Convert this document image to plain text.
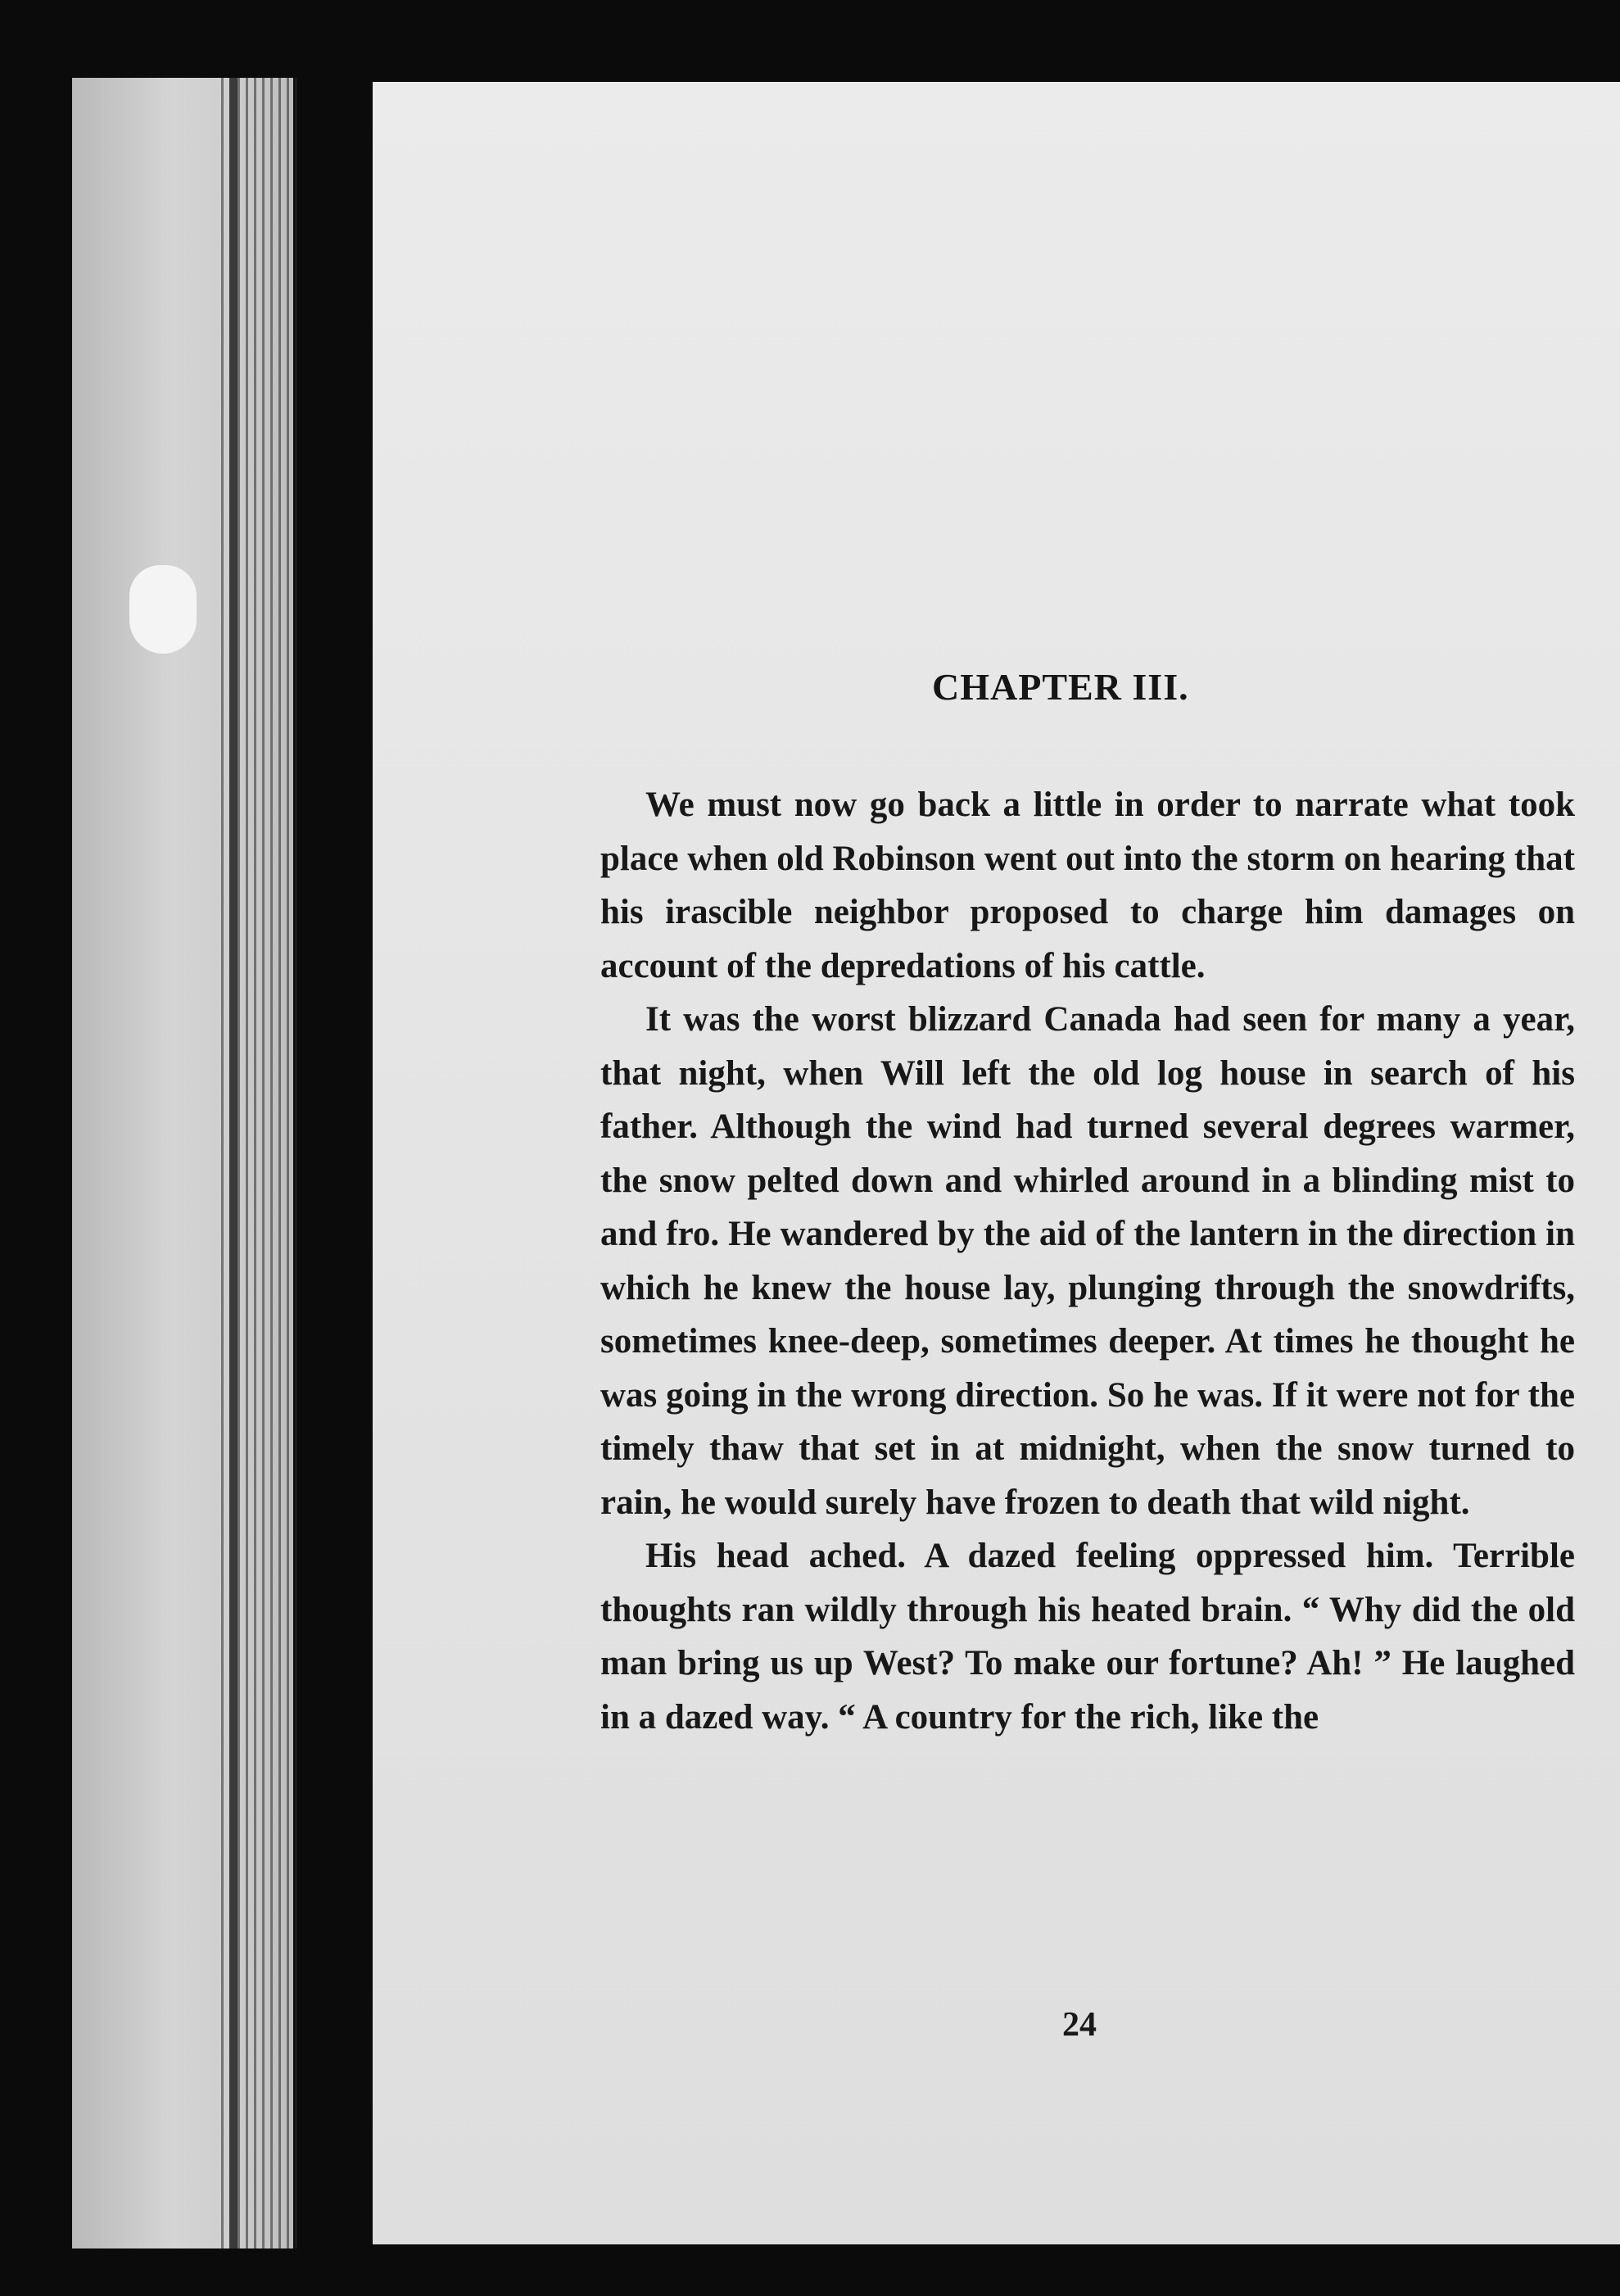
CHAPTER III.

We must now go back a little in order to narrate what took place when old Robinson went out into the storm on hearing that his irascible neighbor proposed to charge him damages on account of the depredations of his cattle.

It was the worst blizzard Canada had seen for many a year, that night, when Will left the old log house in search of his father. Although the wind had turned several degrees warmer, the snow pelted down and whirled around in a blinding mist to and fro. He wandered by the aid of the lantern in the direction in which he knew the house lay, plunging through the snowdrifts, sometimes knee-deep, sometimes deeper. At times he thought he was going in the wrong direction. So he was. If it were not for the timely thaw that set in at midnight, when the snow turned to rain, he would surely have frozen to death that wild night.

His head ached. A dazed feeling oppressed him. Terrible thoughts ran wildly through his heated brain. “ Why did the old man bring us up West? To make our fortune? Ah! ” He laughed in a dazed way. “ A country for the rich, like the

24
